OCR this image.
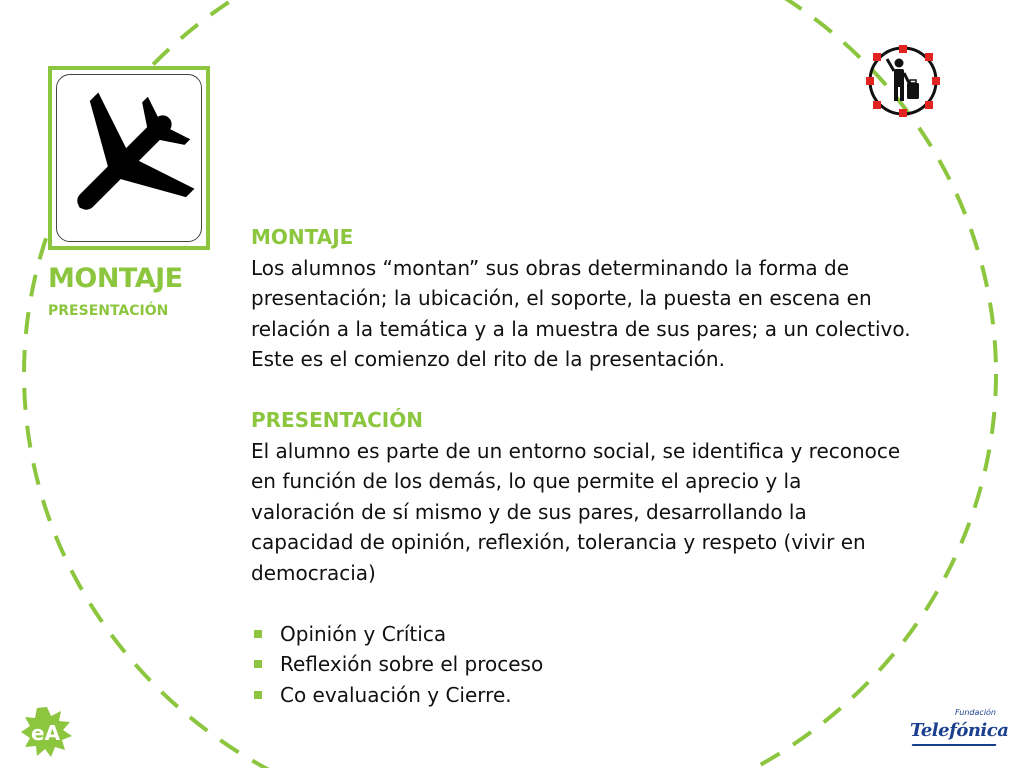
MONTAJE
PRESENTACIÓN

MONTAJE

Los alumnos “montan” sus obras determinando la forma de presentación; la ubicación, el soporte, la puesta en escena en relación a la temática y a la muestra de sus pares; a un colectivo.

Este es el comienzo del rito de la presentación.

PRESENTACIÓN

El alumno es parte de un entorno social, se identifica y reconoce en función de los demás, lo que permite el aprecio y la valoración de sí mismo y de sus pares, desarrollando la capacidad de opinión, reflexión, tolerancia y respeto (vivir en democracia)

Opinión y Crítica
Reflexión sobre el proceso
Co evaluación y Cierre.
eA
Fundación
Telefónica
